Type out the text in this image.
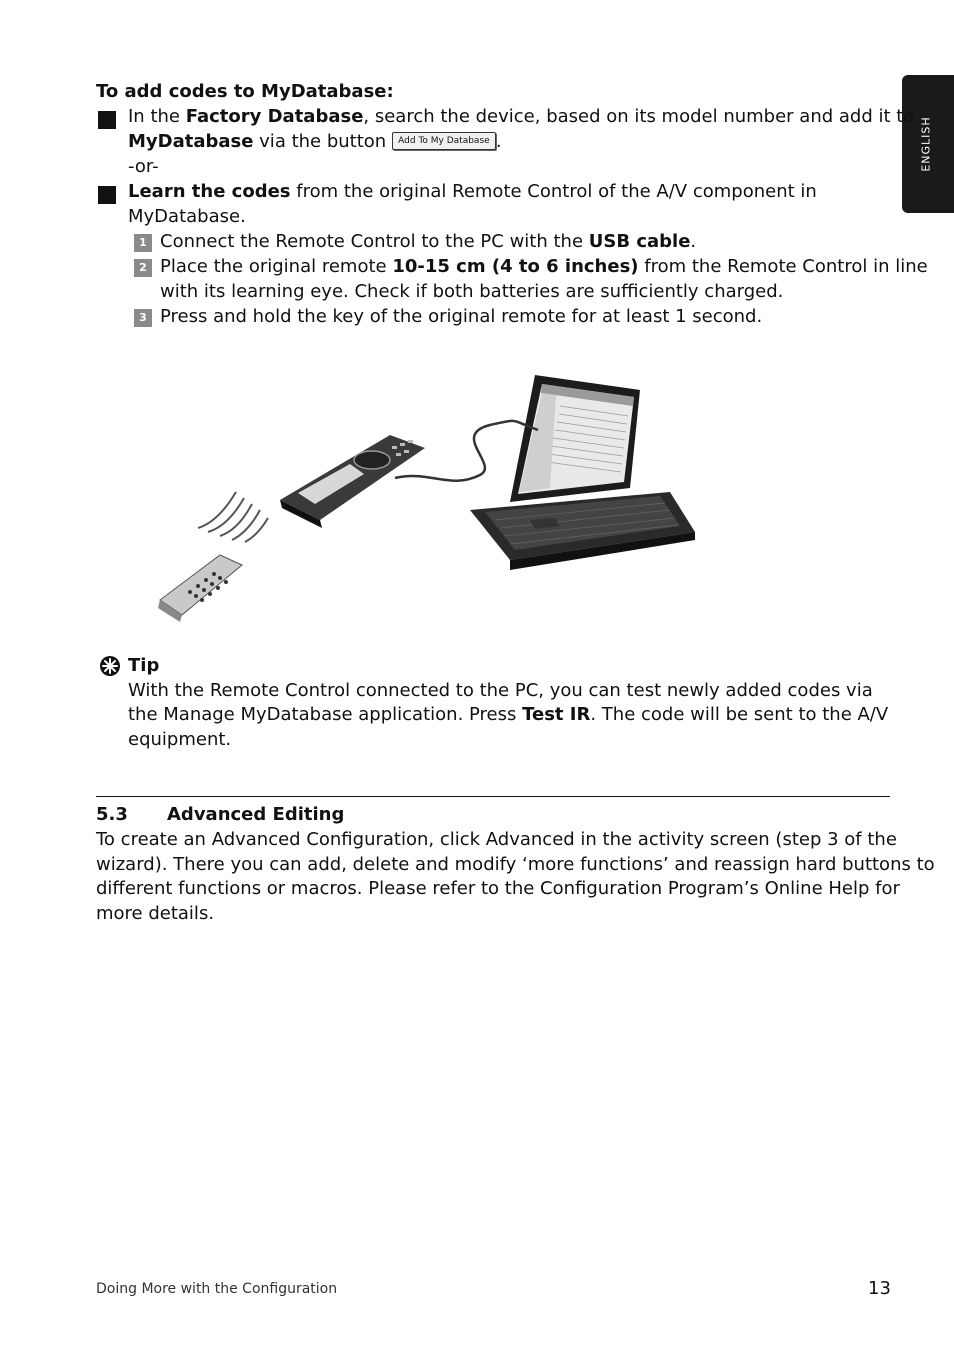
ENGLISH
To add codes to MyDatabase:
In the Factory Database, search the device, based on its model number and add it to
MyDatabase via the button Add To My Database .
-or-
Learn the codes from the original Remote Control of the A/V component in
MyDatabase.
1 Connect the Remote Control to the PC with the USB cable.
2 Place the original remote 10-15 cm (4 to 6 inches) from the Remote Control in line
with its learning eye. Check if both batteries are sufficiently charged.
3 Press and hold the key of the original remote for at least 1 second.
Tip
With the Remote Control connected to the PC, you can test newly added codes via
the Manage MyDatabase application. Press Test IR. The code will be sent to the A/V
equipment.
5.3 Advanced Editing
To create an Advanced Configuration, click Advanced in the activity screen (step 3 of the
wizard). There you can add, delete and modify ‘more functions’ and reassign hard buttons to
different functions or macros. Please refer to the Configuration Program’s Online Help for
more details.
Doing More with the Configuration	13
